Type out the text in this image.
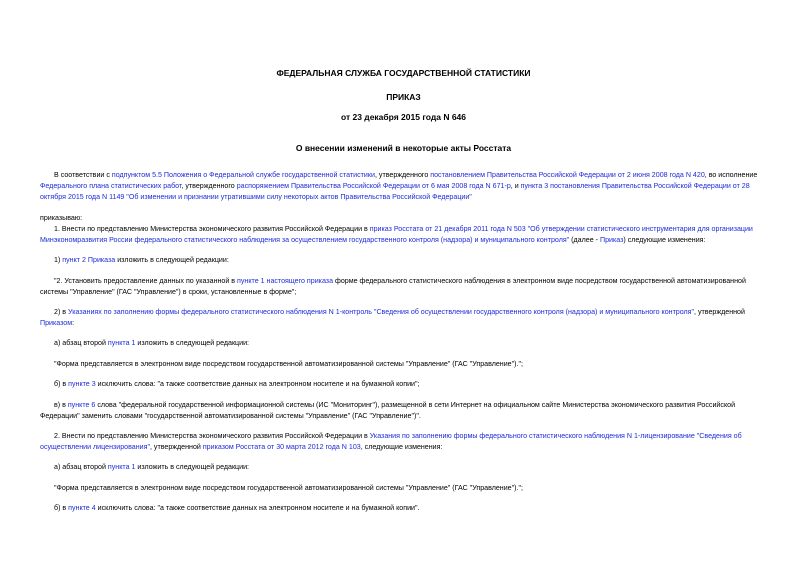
ФЕДЕРАЛЬНАЯ СЛУЖБА ГОСУДАРСТВЕННОЙ СТАТИСТИКИ
ПРИКАЗ
от 23 декабря 2015 года N 646
О внесении изменений в некоторые акты Росстата
В соответствии с подпунктом 5.5 Положения о Федеральной службе государственной статистики, утвержденного постановлением Правительства Российской Федерации от 2 июня 2008 года N 420, во исполнение
Федерального плана статистических работ, утвержденного распоряжением Правительства Российской Федерации от 6 мая 2008 года N 671-р, и пункта 3 постановления Правительства Российской Федерации от 28
октября 2015 года N 1149 "Об изменении и признании утратившими силу некоторых актов Правительства Российской Федерации"
приказываю:
1. Внести по представлению Министерства экономического развития Российской Федерации в приказ Росстата от 21 декабря 2011 года N 503 "Об утверждении статистического инструментария для организации
Минэкономразвития России федерального статистического наблюдения за осуществлением государственного контроля (надзора) и муниципального контроля" (далее - Приказ) следующие изменения:
1) пункт 2 Приказа изложить в следующей редакции:
"2. Установить предоставление данных по указанной в пункте 1 настоящего приказа форме федерального статистического наблюдения в электронном виде посредством государственной автоматизированной
системы "Управление" (ГАС "Управление") в сроки, установленные в форме";
2) в Указаниях по заполнению формы федерального статистического наблюдения N 1-контроль "Сведения об осуществлении государственного контроля (надзора) и муниципального контроля", утвержденной
Приказом:
а) абзац второй пункта 1 изложить в следующей редакции:
"Форма представляется в электронном виде посредством государственной автоматизированной системы "Управление" (ГАС "Управление").";
б) в пункте 3 исключить слова: "а также соответствие данных на электронном носителе и на бумажной копии";
в) в пункте 6 слова "федеральной государственной информационной системы (ИС "Мониторинг"), размещенной в сети Интернет на официальном сайте Министерства экономического развития Российской
Федерации" заменить словами "государственной автоматизированной системы "Управление" (ГАС "Управление")".
2. Внести по представлению Министерства экономического развития Российской Федерации в Указания по заполнению формы федерального статистического наблюдения N 1-лицензирование "Сведения об
осуществлении лицензирования", утвержденной приказом Росстата от 30 марта 2012 года N 103, следующие изменения:
а) абзац второй пункта 1 изложить в следующей редакции:
"Форма представляется в электронном виде посредством государственной автоматизированной системы "Управление" (ГАС "Управление").";
б) в пункте 4 исключить слова: "а также соответствие данных на электронном носителе и на бумажной копии".
